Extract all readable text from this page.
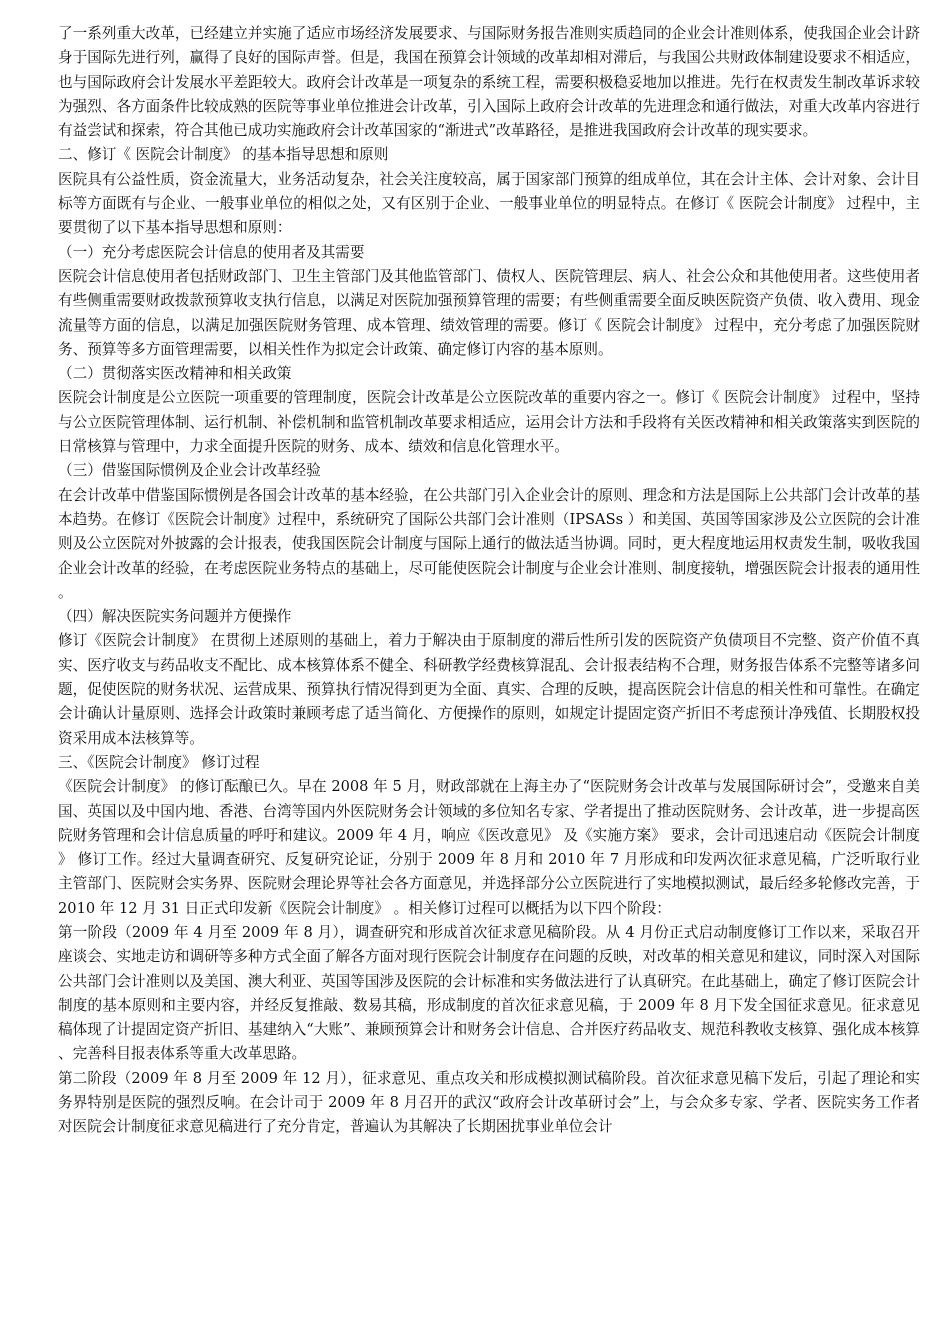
了一系列重大改革，已经建立并实施了适应市场经济发展要求、与国际财务报告准则实质趋同的企业会计准则体系，使我国企业会计跻身于国际先进行列，赢得了良好的国际声誉。但是，我国在预算会计领域的改革却相对滞后，与我国公共财政体制建设要求不相适应，也与国际政府会计发展水平差距较大。政府会计改革是一项复杂的系统工程，需要积极稳妥地加以推进。先行在权责发生制改革诉求较为强烈、各方面条件比较成熟的医院等事业单位推进会计改革，引入国际上政府会计改革的先进理念和通行做法，对重大改革内容进行有益尝试和探索，符合其他已成功实施政府会计改革国家的“渐进式”改革路径，是推进我国政府会计改革的现实要求。

二、修订《 医院会计制度》 的基本指导思想和原则

医院具有公益性质，资金流量大，业务活动复杂，社会关注度较高，属于国家部门预算的组成单位，其在会计主体、会计对象、会计目标等方面既有与企业、一般事业单位的相似之处，又有区别于企业、一般事业单位的明显特点。在修订《 医院会计制度》 过程中，主要贯彻了以下基本指导思想和原则：

（一）充分考虑医院会计信息的使用者及其需要

医院会计信息使用者包括财政部门、卫生主管部门及其他监管部门、债权人、医院管理层、病人、社会公众和其他使用者。这些使用者有些侧重需要财政拨款预算收支执行信息，以满足对医院加强预算管理的需要；有些侧重需要全面反映医院资产负债、收入费用、现金流量等方面的信息，以满足加强医院财务管理、成本管理、绩效管理的需要。修订《 医院会计制度》 过程中，充分考虑了加强医院财务、预算等多方面管理需要，以相关性作为拟定会计政策、确定修订内容的基本原则。

（二）贯彻落实医改精神和相关政策

医院会计制度是公立医院一项重要的管理制度，医院会计改革是公立医院改革的重要内容之一。修订《 医院会计制度》 过程中，坚持与公立医院管理体制、运行机制、补偿机制和监管机制改革要求相适应，运用会计方法和手段将有关医改精神和相关政策落实到医院的日常核算与管理中，力求全面提升医院的财务、成本、绩效和信息化管理水平。

（三）借鉴国际惯例及企业会计改革经验

在会计改革中借鉴国际惯例是各国会计改革的基本经验，在公共部门引入企业会计的原则、理念和方法是国际上公共部门会计改革的基本趋势。在修订《医院会计制度》过程中，系统研究了国际公共部门会计准则（IPSASs ）和美国、英国等国家涉及公立医院的会计准则及公立医院对外披露的会计报表，使我国医院会计制度与国际上通行的做法适当协调。同时，更大程度地运用权责发生制，吸收我国企业会计改革的经验，在考虑医院业务特点的基础上，尽可能使医院会计制度与企业会计准则、制度接轨，增强医院会计报表的通用性。

（四）解决医院实务问题并方便操作

修订《医院会计制度》 在贯彻上述原则的基础上，着力于解决由于原制度的滞后性所引发的医院资产负债项目不完整、资产价值不真实、医疗收支与药品收支不配比、成本核算体系不健全、科研教学经费核算混乱、会计报表结构不合理，财务报告体系不完整等诸多问题，促使医院的财务状况、运营成果、预算执行情况得到更为全面、真实、合理的反映，提高医院会计信息的相关性和可靠性。在确定会计确认计量原则、选择会计政策时兼顾考虑了适当简化、方便操作的原则，如规定计提固定资产折旧不考虑预计净残值、长期股权投资采用成本法核算等。

三、《医院会计制度》 修订过程

《医院会计制度》 的修订酝酿已久。早在 2008 年 5 月，财政部就在上海主办了“医院财务会计改革与发展国际研讨会”，受邀来自美国、英国以及中国内地、香港、台湾等国内外医院财务会计领域的多位知名专家、学者提出了推动医院财务、会计改革，进一步提高医院财务管理和会计信息质量的呼吁和建议。2009 年 4 月，响应《医改意见》 及《实施方案》 要求，会计司迅速启动《医院会计制度》 修订工作。经过大量调查研究、反复研究论证，分别于 2009 年 8 月和 2010 年 7 月形成和印发两次征求意见稿，广泛听取行业主管部门、医院财会实务界、医院财会理论界等社会各方面意见，并选择部分公立医院进行了实地模拟测试，最后经多轮修改完善，于 2010 年 12 月 31 日正式印发新《医院会计制度》 。相关修订过程可以概括为以下四个阶段：

第一阶段（2009 年 4 月至 2009 年 8 月），调查研究和形成首次征求意见稿阶段。从 4 月份正式启动制度修订工作以来，采取召开座谈会、实地走访和调研等多种方式全面了解各方面对现行医院会计制度存在问题的反映，对改革的相关意见和建议，同时深入对国际公共部门会计准则以及美国、澳大利亚、英国等国涉及医院的会计标准和实务做法进行了认真研究。在此基础上，确定了修订医院会计制度的基本原则和主要内容，并经反复推敲、数易其稿，形成制度的首次征求意见稿，于 2009 年 8 月下发全国征求意见。征求意见稿体现了计提固定资产折旧、基建纳入“大账”、兼顾预算会计和财务会计信息、合并医疗药品收支、规范科教收支核算、强化成本核算、完善科目报表体系等重大改革思路。

第二阶段（2009 年 8 月至 2009 年 12 月），征求意见、重点攻关和形成模拟测试稿阶段。首次征求意见稿下发后，引起了理论和实务界特别是医院的强烈反响。在会计司于 2009 年 8 月召开的武汉“政府会计改革研讨会”上，与会众多专家、学者、医院实务工作者对医院会计制度征求意见稿进行了充分肯定，普遍认为其解决了长期困扰事业单位会计
